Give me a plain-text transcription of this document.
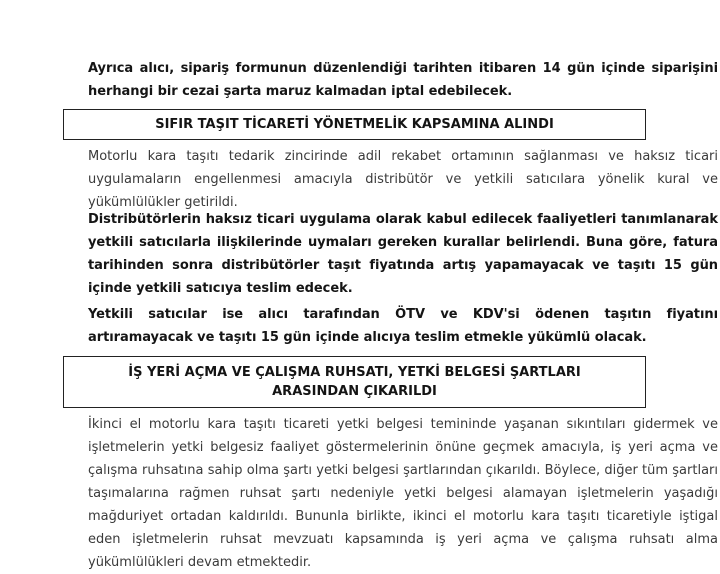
Ayrıca alıcı, sipariş formunun düzenlendiği tarihten itibaren 14 gün içinde siparişini herhangi bir cezai şarta maruz kalmadan iptal edebilecek.

SIFIR TAŞIT TİCARETİ YÖNETMELİK KAPSAMINA ALINDI

Motorlu kara taşıtı tedarik zincirinde adil rekabet ortamının sağlanması ve haksız ticari uygulamaların engellenmesi amacıyla distribütör ve yetkili satıcılara yönelik kural ve yükümlülükler getirildi.

Distribütörlerin haksız ticari uygulama olarak kabul edilecek faaliyetleri tanımlanarak yetkili satıcılarla ilişkilerinde uymaları gereken kurallar belirlendi. Buna göre, fatura tarihinden sonra distribütörler taşıt fiyatında artış yapamayacak ve taşıtı 15 gün içinde yetkili satıcıya teslim edecek.

Yetkili satıcılar ise alıcı tarafından ÖTV ve KDV'si ödenen taşıtın fiyatını artıramayacak ve taşıtı 15 gün içinde alıcıya teslim etmekle yükümlü olacak.

İŞ YERİ AÇMA VE ÇALIŞMA RUHSATI, YETKİ BELGESİ ŞARTLARI ARASINDAN ÇIKARILDI

İkinci el motorlu kara taşıtı ticareti yetki belgesi temininde yaşanan sıkıntıları gidermek ve işletmelerin yetki belgesiz faaliyet göstermelerinin önüne geçmek amacıyla, iş yeri açma ve çalışma ruhsatına sahip olma şartı yetki belgesi şartlarından çıkarıldı. Böylece, diğer tüm şartları taşımalarına rağmen ruhsat şartı nedeniyle yetki belgesi alamayan işletmelerin yaşadığı mağduriyet ortadan kaldırıldı. Bununla birlikte, ikinci el motorlu kara taşıtı ticaretiyle iştigal eden işletmelerin ruhsat mevzuatı kapsamında iş yeri açma ve çalışma ruhsatı alma yükümlülükleri devam etmektedir.
